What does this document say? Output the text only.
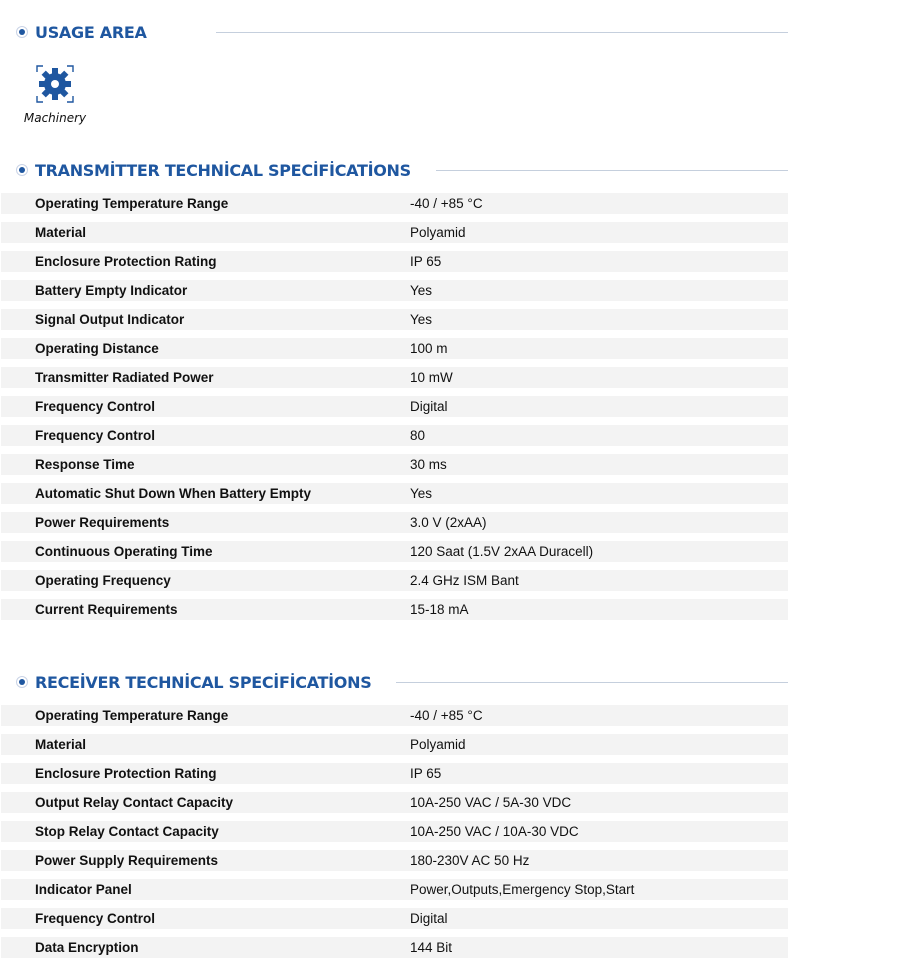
USAGE AREA
Machinery
TRANSMİTTER TECHNİCAL SPECİFİCATİONS
Operating Temperature Range	-40 / +85 °C
Material	Polyamid
Enclosure Protection Rating	IP 65
Battery Empty Indicator	Yes
Signal Output Indicator	Yes
Operating Distance	100 m
Transmitter Radiated Power	10 mW
Frequency Control	Digital
Frequency Control	80
Response Time	30 ms
Automatic Shut Down When Battery Empty	Yes
Power Requirements	3.0 V (2xAA)
Continuous Operating Time	120 Saat (1.5V 2xAA Duracell)
Operating Frequency	2.4 GHz ISM Bant
Current Requirements	15-18 mA
RECEİVER TECHNİCAL SPECİFİCATİONS
Operating Temperature Range	-40 / +85 °C
Material	Polyamid
Enclosure Protection Rating	IP 65
Output Relay Contact Capacity	10A-250 VAC / 5A-30 VDC
Stop Relay Contact Capacity	10A-250 VAC / 10A-30 VDC
Power Supply Requirements	180-230V AC 50 Hz
Indicator Panel	Power,Outputs,Emergency Stop,Start
Frequency Control	Digital
Data Encryption	144 Bit
